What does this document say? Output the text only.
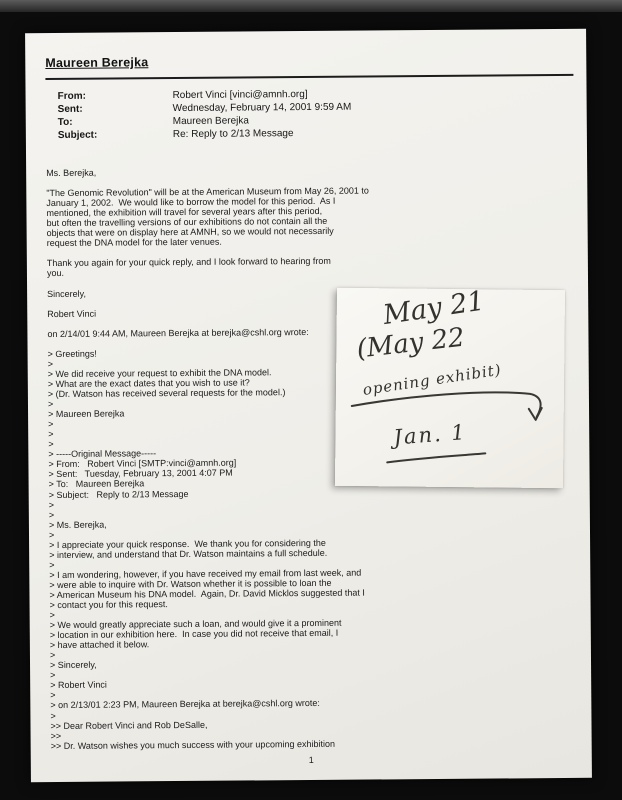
Maureen Berejka
From:	Robert Vinci [vinci@amnh.org]
Sent:	Wednesday, February 14, 2001 9:59 AM
To:	Maureen Berejka
Subject:	Re: Reply to 2/13 Message
Ms. Berejka,

"The Genomic Revolution" will be at the American Museum from May 26, 2001 to
January 1, 2002.  We would like to borrow the model for this period.  As I
mentioned, the exhibition will travel for several years after this period,
but often the travelling versions of our exhibitions do not contain all the
objects that were on display here at AMNH, so we would not necessarily
request the DNA model for the later venues.

Thank you again for your quick reply, and I look forward to hearing from
you.

Sincerely,

Robert Vinci

on 2/14/01 9:44 AM, Maureen Berejka at berejka@cshl.org wrote:

> Greetings!
>
> We did receive your request to exhibit the DNA model.
> What are the exact dates that you wish to use it?
> (Dr. Watson has received several requests for the model.)
>
> Maureen Berejka
>
>
>
> -----Original Message-----
> From:   Robert Vinci [SMTP:vinci@amnh.org]
> Sent:   Tuesday, February 13, 2001 4:07 PM
> To:   Maureen Berejka
> Subject:   Reply to 2/13 Message
>
>
> Ms. Berejka,
>
> I appreciate your quick response.  We thank you for considering the
> interview, and understand that Dr. Watson maintains a full schedule.
>
> I am wondering, however, if you have received my email from last week, and
> were able to inquire with Dr. Watson whether it is possible to loan the
> American Museum his DNA model.  Again, Dr. David Micklos suggested that I
> contact you for this request.
>
> We would greatly appreciate such a loan, and would give it a prominent
> location in our exhibition here.  In case you did not receive that email, I
> have attached it below.
>
> Sincerely,
>
> Robert Vinci
>
> on 2/13/01 2:23 PM, Maureen Berejka at berejka@cshl.org wrote:
>
>> Dear Robert Vinci and Rob DeSalle,
>>
>> Dr. Watson wishes you much success with your upcoming exhibition
1
May 21
(May 22
opening exhibit)
Jan. 1
